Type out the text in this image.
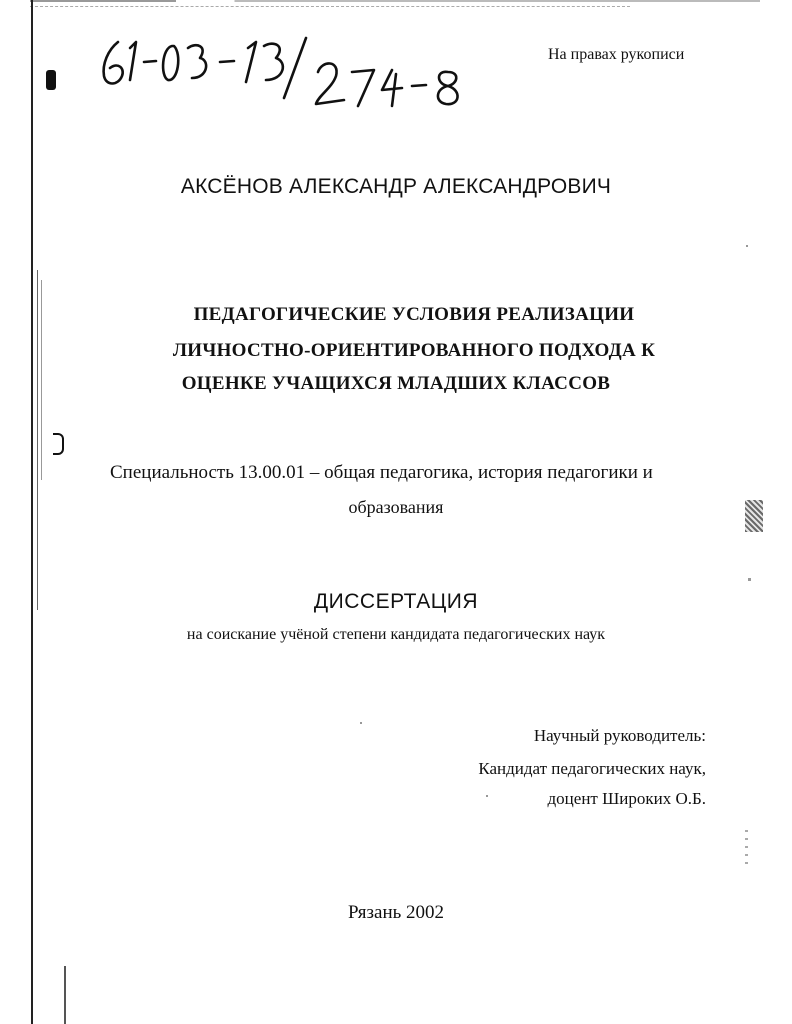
На правах рукописи
АКСЁНОВ АЛЕКСАНДР АЛЕКСАНДРОВИЧ
ПЕДАГОГИЧЕСКИЕ УСЛОВИЯ РЕАЛИЗАЦИИ
ЛИЧНОСТНО-ОРИЕНТИРОВАННОГО ПОДХОДА К
ОЦЕНКЕ УЧАЩИХСЯ МЛАДШИХ КЛАССОВ
Специальность 13.00.01 – общая педагогика, история педагогики и
образования
ДИССЕРТАЦИЯ
на соискание учёной степени кандидата педагогических наук
Научный руководитель:
Кандидат педагогических наук,
доцент Широких О.Б.
Рязань 2002
